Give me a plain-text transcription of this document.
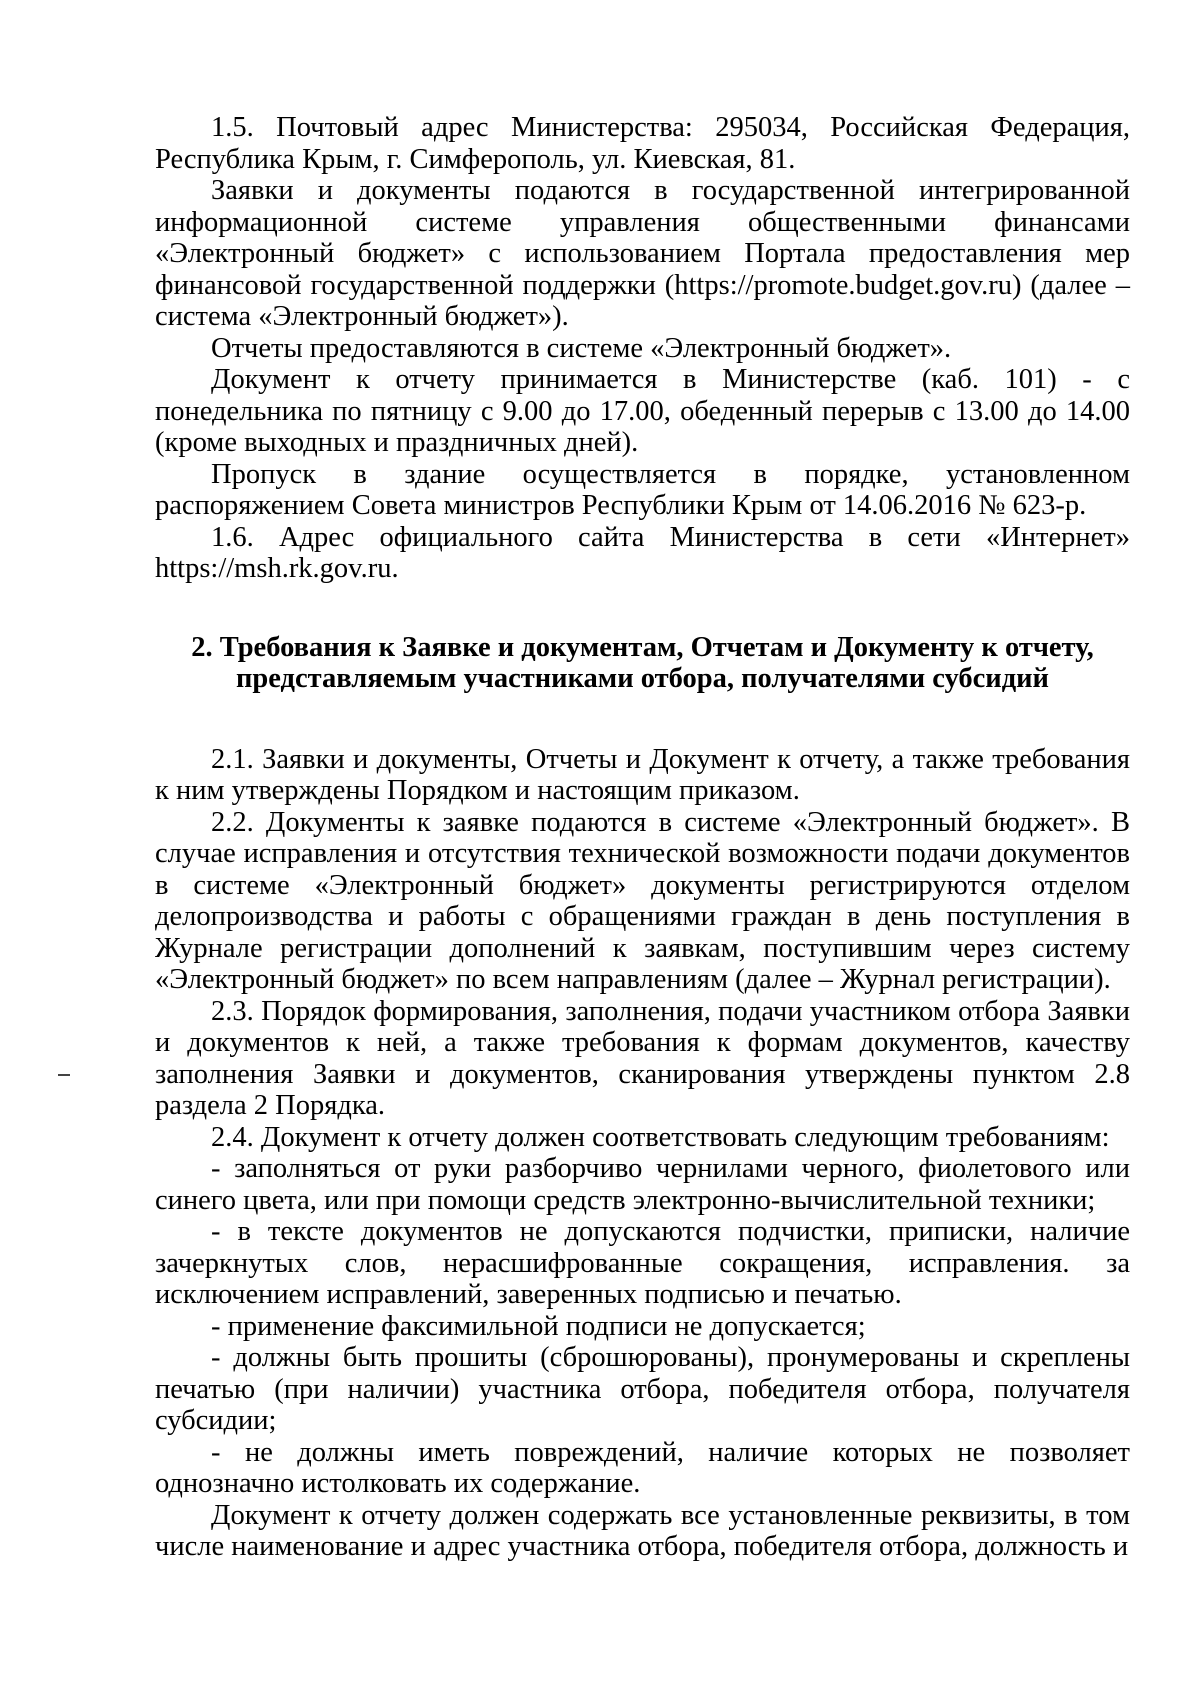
1.5. Почтовый адрес Министерства: 295034, Российская Федерация, Республика Крым, г. Симферополь, ул. Киевская, 81.

Заявки и документы подаются в государственной интегрированной информационной системе управления общественными финансами «Электронный бюджет» с использованием Портала предоставления мер финансовой государственной поддержки (https://promote.budget.gov.ru) (далее – система «Электронный бюджет»).

Отчеты предоставляются в системе «Электронный бюджет».

Документ к отчету принимается в Министерстве (каб. 101) - с понедельника по пятницу с 9.00 до 17.00, обеденный перерыв с 13.00 до 14.00 (кроме выходных и праздничных дней).

Пропуск в здание осуществляется в порядке, установленном распоряжением Совета министров Республики Крым от 14.06.2016 № 623-р.

1.6. Адрес официального сайта Министерства в сети «Интернет» https://msh.rk.gov.ru.

2. Требования к Заявке и документам, Отчетам и Документу к отчету,
представляемым участниками отбора, получателями субсидий

2.1. Заявки и документы, Отчеты и Документ к отчету, а также требования к ним утверждены Порядком и настоящим приказом.

2.2. Документы к заявке подаются в системе «Электронный бюджет». В случае исправления и отсутствия технической возможности подачи документов в системе «Электронный бюджет» документы регистрируются отделом делопроизводства и работы с обращениями граждан в день поступления в Журнале регистрации дополнений к заявкам, поступившим через систему «Электронный бюджет» по всем направлениям (далее – Журнал регистрации).

2.3. Порядок формирования, заполнения, подачи участником отбора Заявки и документов к ней, а также требования к формам документов, качеству заполнения Заявки и документов, сканирования утверждены пунктом 2.8 раздела 2 Порядка.

2.4. Документ к отчету должен соответствовать следующим требованиям:

- заполняться от руки разборчиво чернилами черного, фиолетового или синего цвета, или при помощи средств электронно-вычислительной техники;

- в тексте документов не допускаются подчистки, приписки, наличие зачеркнутых слов, нерасшифрованные сокращения, исправления. за исключением исправлений, заверенных подписью и печатью.

- применение факсимильной подписи не допускается;

- должны быть прошиты (сброшюрованы), пронумерованы и скреплены печатью (при наличии) участника отбора, победителя отбора, получателя субсидии;

- не должны иметь повреждений, наличие которых не позволяет однозначно истолковать их содержание.

Документ к отчету должен содержать все установленные реквизиты, в том числе наименование и адрес участника отбора, победителя отбора, должность и
